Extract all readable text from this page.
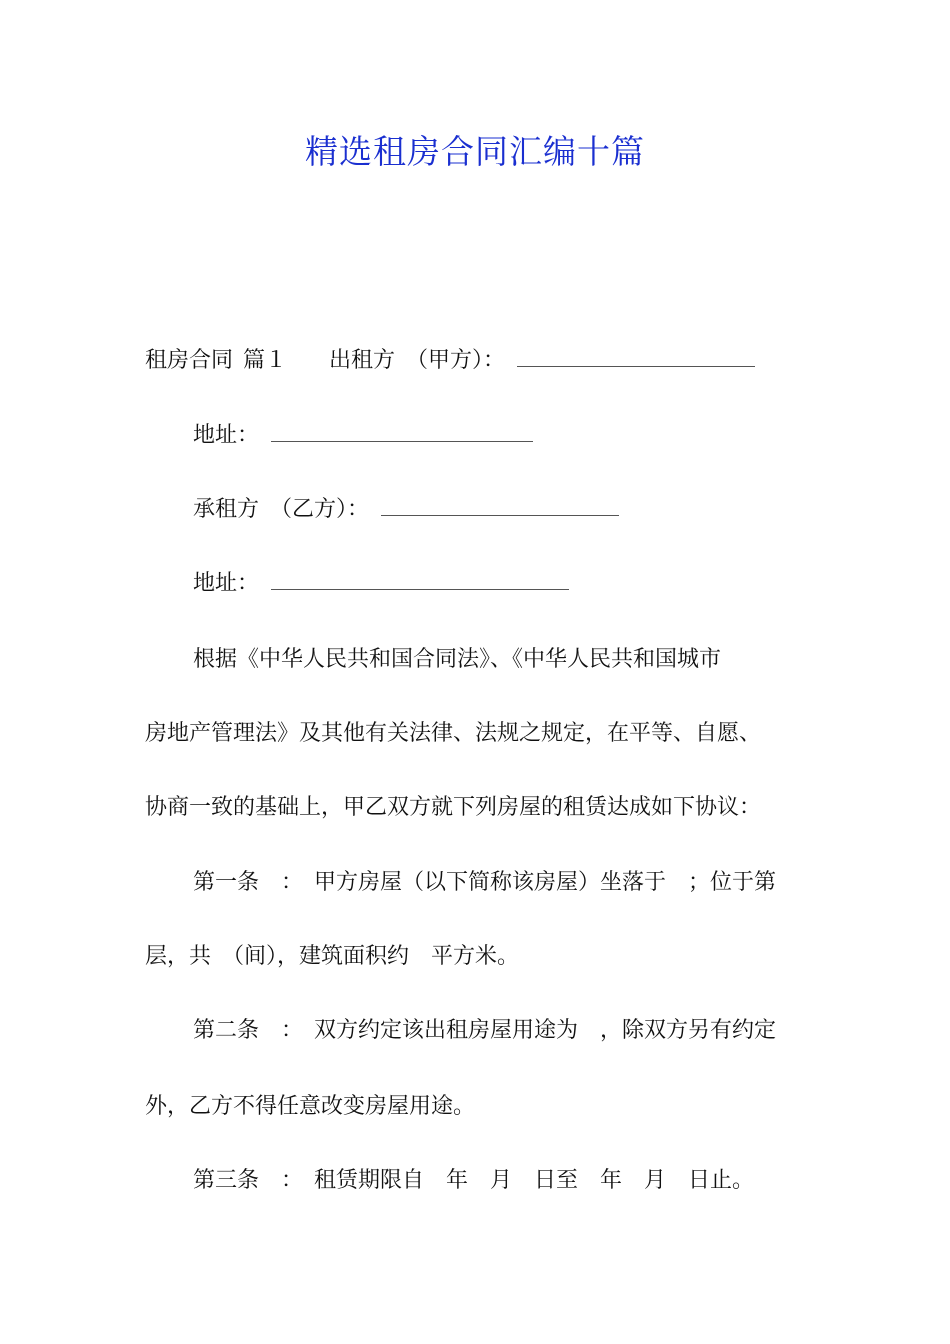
精选租房合同汇编十篇
租房合同 篇１ 出租方　（甲方）：
地址：
承租方　（乙方）：
地址：
根据《中华人民共和国合同法》、《中华人民共和国城市
房地产管理法》及其他有关法律、法规之规定，在平等、自愿、
协商一致的基础上，甲乙双方就下列房屋的租赁达成如下协议：
第一条　：　甲方房屋（以下简称该房屋）坐落于　；位于第
层，共　（间），建筑面积约　平方米。
第二条　：　双方约定该出租房屋用途为　，除双方另有约定
外，乙方不得任意改变房屋用途。
第三条　：　租赁期限自　年　月　日至　年　月　日止。
